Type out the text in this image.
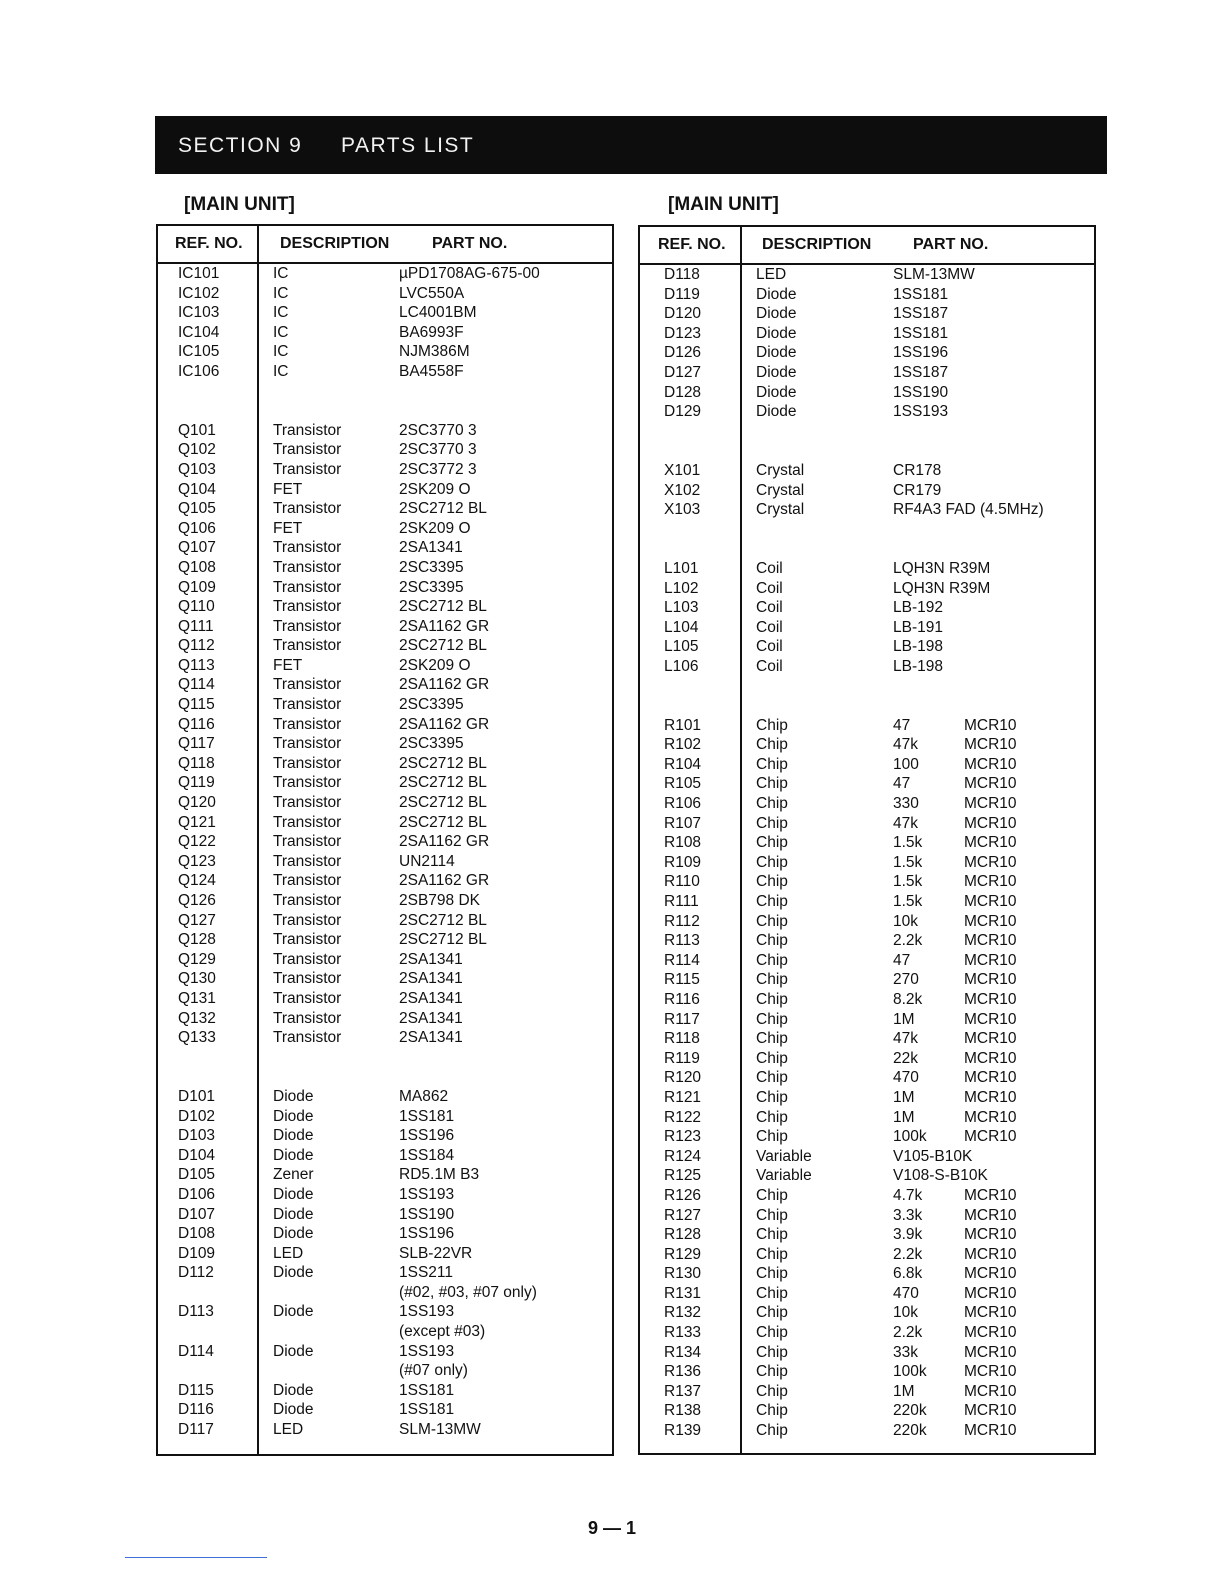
SECTION 9 PARTS LIST
[MAIN UNIT]	[MAIN UNIT]
REF. NO. DESCRIPTION	PART NO.
IC101	IC	µPD1708AG-675-00
IC102	IC	LVC550A
IC103	IC	LC4001BM
IC104	IC	BA6993F
IC105	IC	NJM386M
IC106	IC	BA4558F
Q101	Transistor	2SC3770 3
Q102	Transistor	2SC3770 3
Q103	Transistor	2SC3772 3
Q104	FET	2SK209 O
Q105	Transistor	2SC2712 BL
Q106	FET	2SK209 O
Q107	Transistor	2SA1341
Q108	Transistor	2SC3395
Q109	Transistor	2SC3395
Q110	Transistor	2SC2712 BL
Q111	Transistor	2SA1162 GR
Q112	Transistor	2SC2712 BL
Q113	FET	2SK209 O
Q114	Transistor	2SA1162 GR
Q115	Transistor	2SC3395
Q116	Transistor	2SA1162 GR
Q117	Transistor	2SC3395
Q118	Transistor	2SC2712 BL
Q119	Transistor	2SC2712 BL
Q120	Transistor	2SC2712 BL
Q121	Transistor	2SC2712 BL
Q122	Transistor	2SA1162 GR
Q123	Transistor	UN2114
Q124	Transistor	2SA1162 GR
Q126	Transistor	2SB798 DK
Q127	Transistor	2SC2712 BL
Q128	Transistor	2SC2712 BL
Q129	Transistor	2SA1341
Q130	Transistor	2SA1341
Q131	Transistor	2SA1341
Q132	Transistor	2SA1341
Q133	Transistor	2SA1341
D101	Diode	MA862
D102	Diode	1SS181
D103	Diode	1SS196
D104	Diode	1SS184
D105	Zener	RD5.1M B3
D106	Diode	1SS193
D107	Diode	1SS190
D108	Diode	1SS196
D109	LED	SLB-22VR
D112	Diode	1SS211
(#02, #03, #07 only)
D113	Diode	1SS193
(except #03)
D114	Diode	1SS193
(#07 only)
D115	Diode	1SS181
D116	Diode	1SS181
D117	LED	SLM-13MW
REF. NO. DESCRIPTION	PART NO.
D118	LED	SLM-13MW
D119	Diode	1SS181
D120	Diode	1SS187
D123	Diode	1SS181
D126	Diode	1SS196
D127	Diode	1SS187
D128	Diode	1SS190
D129	Diode	1SS193
X101	Crystal	CR178
X102	Crystal	CR179
X103	Crystal	RF4A3 FAD (4.5MHz)
L101	Coil	LQH3N R39M
L102	Coil	LQH3N R39M
L103	Coil	LB-192
L104	Coil	LB-191
L105	Coil	LB-198
L106	Coil	LB-198
R101	Chip	47	MCR10
R102	Chip	47k	MCR10
R104	Chip	100	MCR10
R105	Chip	47	MCR10
R106	Chip	330	MCR10
R107	Chip	47k	MCR10
R108	Chip	1.5k	MCR10
R109	Chip	1.5k	MCR10
R110	Chip	1.5k	MCR10
R111	Chip	1.5k	MCR10
R112	Chip	10k	MCR10
R113	Chip	2.2k	MCR10
R114	Chip	47	MCR10
R115	Chip	270	MCR10
R116	Chip	8.2k	MCR10
R117	Chip	1M	MCR10
R118	Chip	47k	MCR10
R119	Chip	22k	MCR10
R120	Chip	470	MCR10
R121	Chip	1M	MCR10
R122	Chip	1M	MCR10
R123	Chip	100k MCR10
R124	Variable	V105-B10K
R125	Variable	V108-S-B10K
R126	Chip	4.7k	MCR10
R127	Chip	3.3k	MCR10
R128	Chip	3.9k	MCR10
R129	Chip	2.2k	MCR10
R130	Chip	6.8k	MCR10
R131	Chip	470	MCR10
R132	Chip	10k	MCR10
R133	Chip	2.2k	MCR10
R134	Chip	33k	MCR10
R136	Chip	100k MCR10
R137	Chip	1M	MCR10
R138	Chip	220k MCR10
R139	Chip	220k MCR10
9 — 1
